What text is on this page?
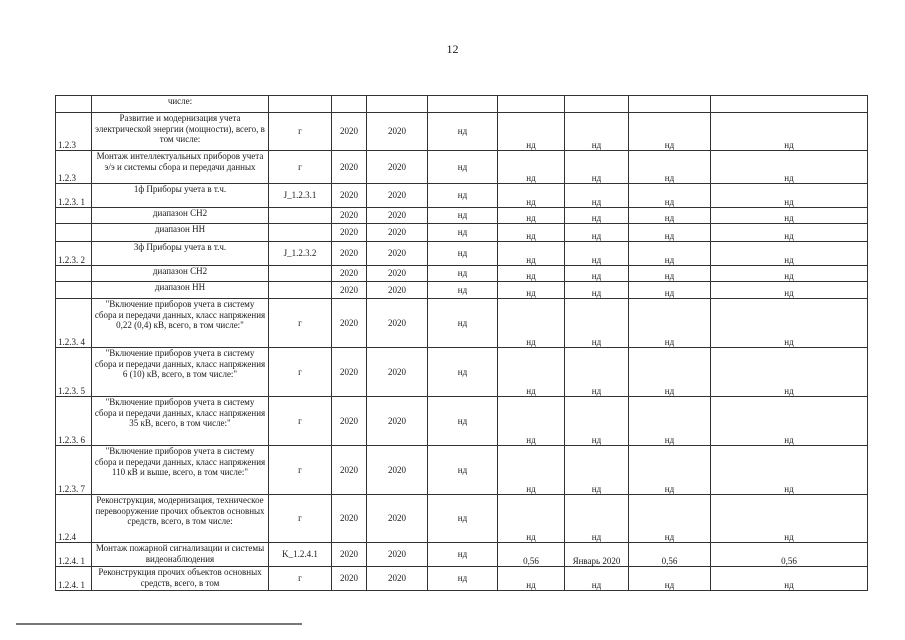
12
	числе:								
1.2.3	Развитие и модернизация учета электрической энергии (мощности), всего, в том числе:	г	2020	2020	нд	нд	нд	нд	нд
1.2.3	Монтаж интеллектуальных приборов учета э/э и системы сбора и передачи данных	г	2020	2020	нд	нд	нд	нд	нд
1.2.3. 1	1ф Приборы учета в т.ч.	J_1.2.3.1	2020	2020	нд	нд	нд	нд	нд
	диапазон СН2		2020	2020	нд	нд	нд	нд	нд
	диапазон НН		2020	2020	нд	нд	нд	нд	нд
1.2.3. 2	3ф Приборы учета в т.ч.	J_1.2.3.2	2020	2020	нд	нд	нд	нд	нд
	диапазон СН2		2020	2020	нд	нд	нд	нд	нд
	диапазон НН		2020	2020	нд	нд	нд	нд	нд
1.2.3. 4	"Включение приборов учета в систему сбора и передачи данных, класс напряжения 0,22 (0,4) кВ, всего, в том числе:"	г	2020	2020	нд	нд	нд	нд	нд
1.2.3. 5	"Включение приборов учета в систему сбора и передачи данных, класс напряжения 6 (10) кВ, всего, в том числе:"	г	2020	2020	нд	нд	нд	нд	нд
1.2.3. 6	"Включение приборов учета в систему сбора и передачи данных, класс напряжения 35 кВ, всего, в том числе:"	г	2020	2020	нд	нд	нд	нд	нд
1.2.3. 7	"Включение приборов учета в систему сбора и передачи данных, класс напряжения 110 кВ и выше, всего, в том числе:"	г	2020	2020	нд	нд	нд	нд	нд
1.2.4	Реконструкция, модернизация, техническое перевооружение прочих объектов основных средств, всего, в том числе:	г	2020	2020	нд	нд	нд	нд	нд
1.2.4. 1	Монтаж пожарной сигнализации и системы видеонаблюдения	K_1.2.4.1	2020	2020	нд	0,56	Январь 2020	0,56	0,56
1.2.4. 1	Реконструкция прочих объектов основных средств, всего, в том	г	2020	2020	нд	нд	нд	нд	нд
